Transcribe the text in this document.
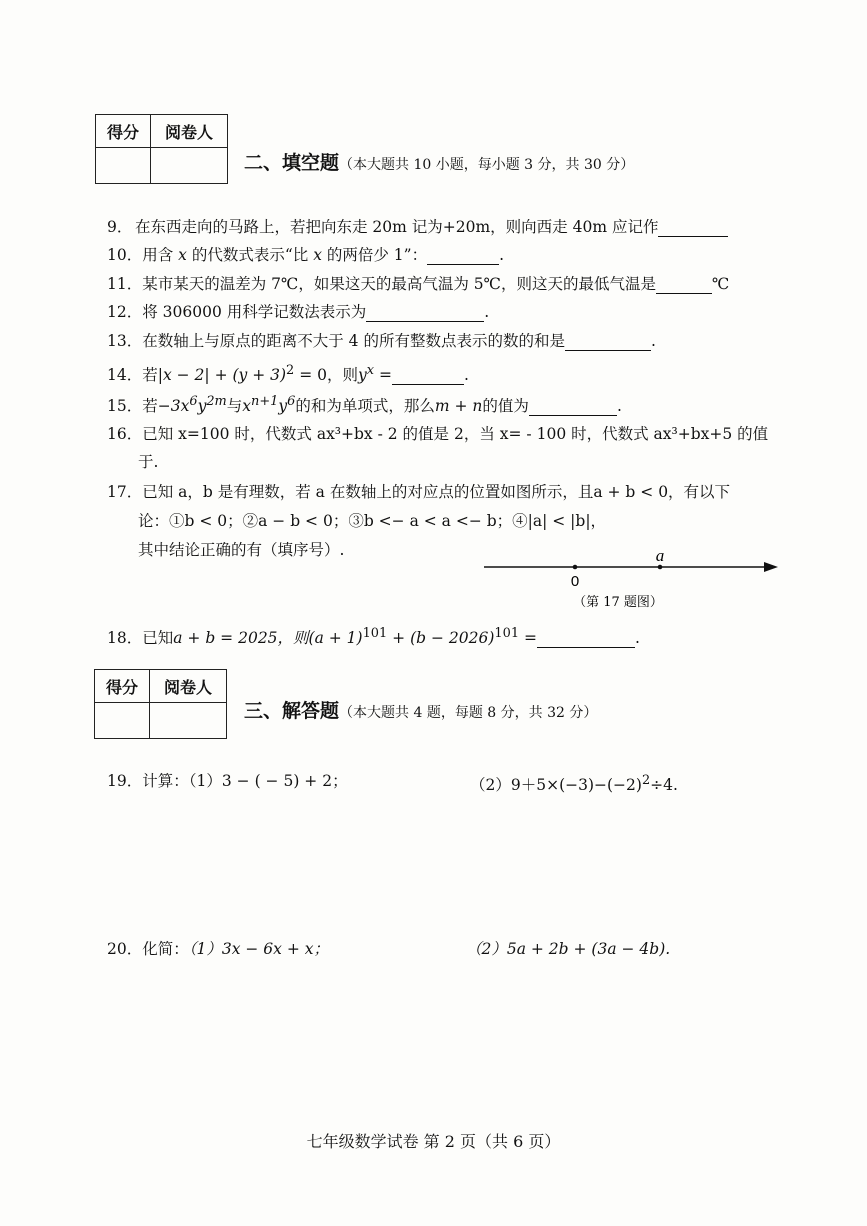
得分	阅卷人

二、填空题（本大题共 10 小题，每小题 3 分，共 30 分）
9． 在东西走向的马路上，若把向东走 20m 记为+20m，则向西走 40m 应记作
10．用含 x 的代数式表示“比 x 的两倍少 1”：	.
11．某市某天的温差为 7℃，如果这天的最高气温为 5℃，则这天的最低气温是	℃
12．将 306000 用科学记数法表示为	.
13．在数轴上与原点的距离不大于 4 的所有整数点表示的数的和是	.
14．若$|x - 2| + (y + 3)^2 = 0$，则$y^x$ =	.
15．若$-3x^6y^{2m}$与$x^{n+1}y^6$的和为单项式，那么m + n的值为	.
16．已知 x=100 时，代数式 ax³+bx - 2 的值是 2，当 x= - 100 时，代数式 ax³+bx+5 的值
于.
17．已知 a，b 是有理数，若 a 在数轴上的对应点的位置如图所示，且a + b < 0，有以下
论：①b < 0；②a − b < 0；③b <− a < a <− b；④|a| < |b|，
其中结论正确的有（填序号）.
0
a
（第 17 题图）
18．已知a + b = 2025，则$(a + 1)^{101} + (b - 2026)^{101}$ =	.
得分	阅卷人

三、解答题（本大题共 4 题，每题 8 分，共 32 分）
19．计算：（1）3 − ( − 5) + 2；	$(2)9+5\times(-3)-(-2)^2\div 4$.
20．化简：（1）3x − 6x + x；	（2）5a + 2b + (3a − 4b).
七年级数学试卷 第 2 页（共 6 页）
